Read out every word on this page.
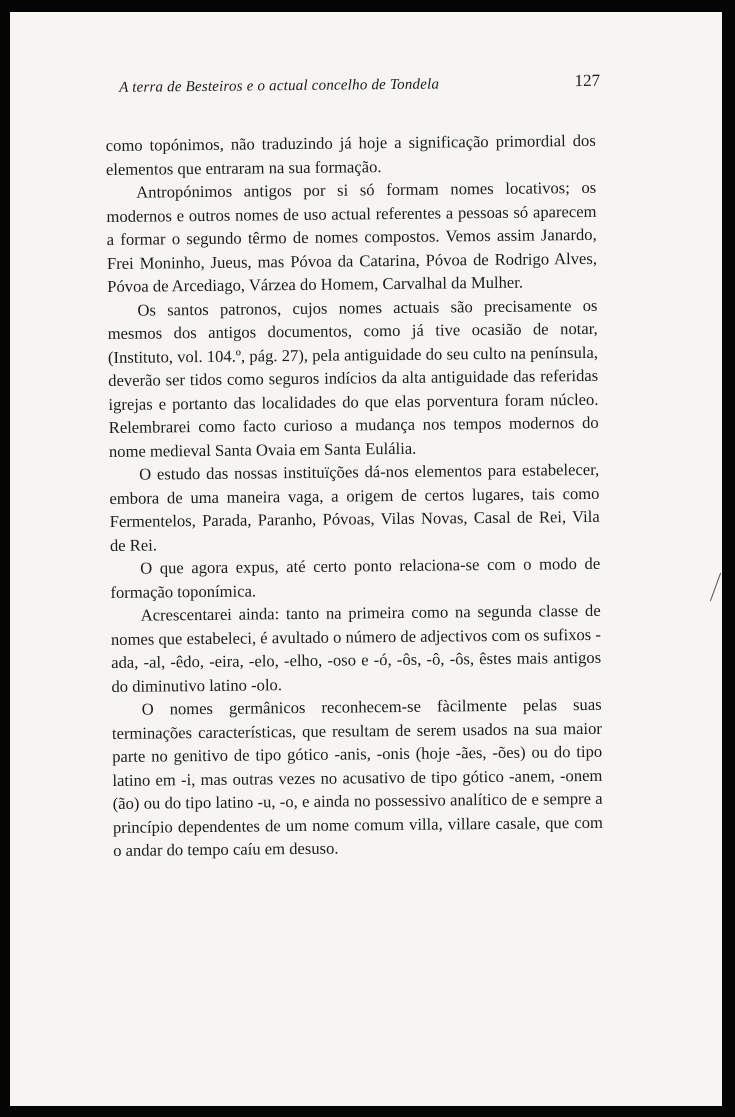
A terra de Besteiros e o actual concelho de Tondela	127

como topónimos, não traduzindo já hoje a significação primordial dos elementos que entraram na sua formação.

Antropónimos antigos por si só formam nomes locativos; os modernos e outros nomes de uso actual referentes a pessoas só aparecem a formar o segundo têrmo de nomes compostos. Vemos assim Janardo, Frei Moninho, Jueus, mas Póvoa da Catarina, Póvoa de Rodrigo Alves, Póvoa de Arcediago, Várzea do Homem, Carvalhal da Mulher.

Os santos patronos, cujos nomes actuais são precisamente os mesmos dos antigos documentos, como já tive ocasião de notar, (Instituto, vol. 104.º, pág. 27), pela antiguidade do seu culto na península, deverão ser tidos como seguros indícios da alta antiguidade das referidas igrejas e portanto das localidades do que elas porventura foram núcleo. Relembrarei como facto curioso a mudança nos tempos modernos do nome medieval Santa Ovaia em Santa Eulália.

O estudo das nossas instituïções dá-nos elementos para estabelecer, embora de uma maneira vaga, a origem de certos lugares, tais como Fermentelos, Parada, Paranho, Póvoas, Vilas Novas, Casal de Rei, Vila de Rei.

O que agora expus, até certo ponto relaciona-se com o modo de formação toponímica.

Acrescentarei ainda: tanto na primeira como na segunda classe de nomes que estabeleci, é avultado o número de adjectivos com os sufixos -ada, -al, -êdo, -eira, -elo, -elho, -oso e -ó, -ôs, -ô, -ôs, êstes mais antigos do diminutivo latino -olo.

O nomes germânicos reconhecem-se fàcilmente pelas suas terminações características, que resultam de serem usados na sua maior parte no genitivo de tipo gótico -anis, -onis (hoje -ães, -ões) ou do tipo latino em -i, mas outras vezes no acusativo de tipo gótico -anem, -onem (ão) ou do tipo latino -u, -o, e ainda no possessivo analítico de e sempre a princípio dependentes de um nome comum villa, villare casale, que com o andar do tempo caíu em desuso.
